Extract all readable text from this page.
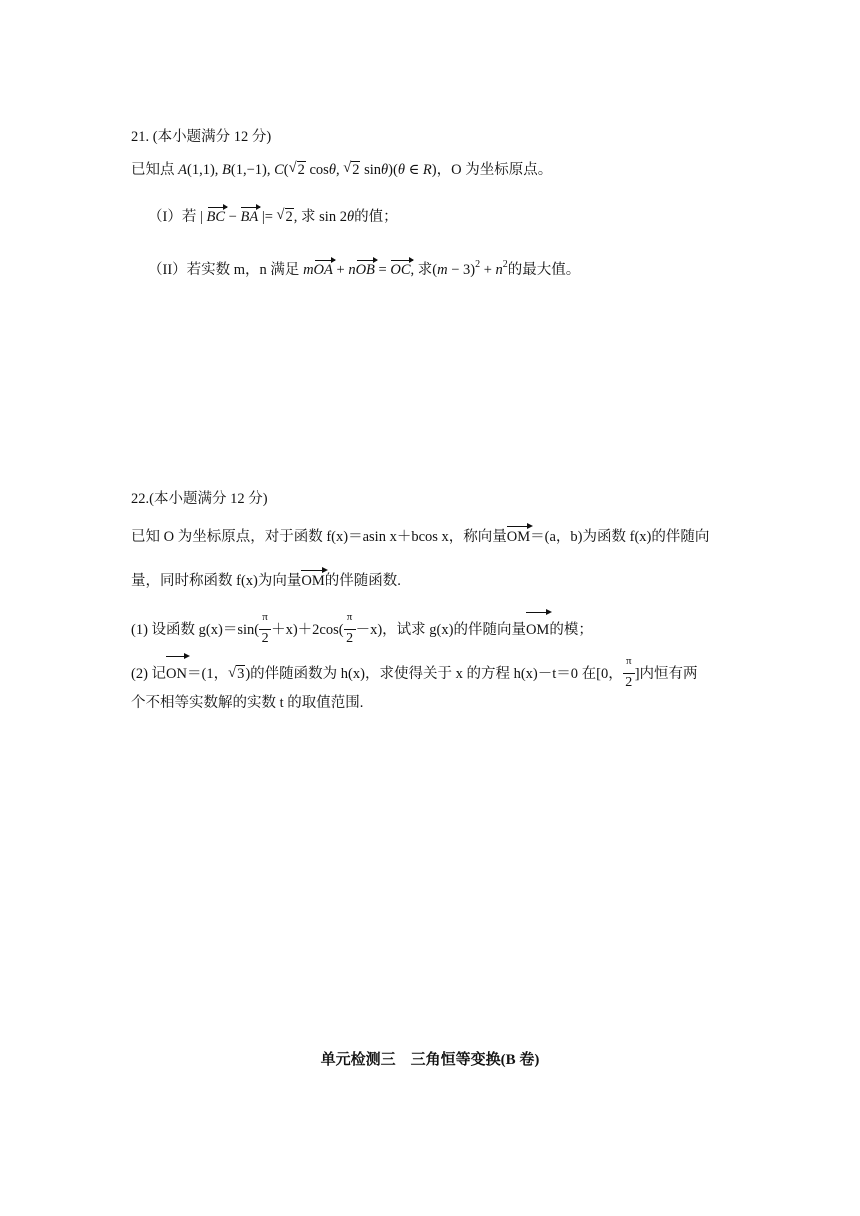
21. (本小题满分 12 分)
已知点 A(1,1), B(1,−1), C( √ 2 cosθ, √ 2 sinθ)(θ ∈ R)，O 为坐标原点。
（I）若 | BC − BA |= √ 2, 求 sin 2θ的值；
（II）若实数 m，n 满足 mOA + nOB = OC, 求$(m - 3)^2 + n^2$的最大值。
22.(本小题满分 12 分)
已知 O 为坐标原点，对于函数 f(x)＝asin x＋bcos x，称向量OM＝(a，b)为函数 f(x)的伴随向
量，同时称函数 f(x)为向量OM的伴随函数.
(1) 设函数 $g(x)=\sin( \frac{\pi}{2} +x)+2\cos( \frac{\pi}{2} -x)$，试求 g(x)的伴随向量OM的模；
(2) 记ON＝(1， √ 3)的伴随函数为 h(x)，求使得关于 x 的方程 h(x)－t＝0 在[0， $\frac{\pi}{2}$ ]内恒有两
个不相等实数解的实数 t 的取值范围.
单元检测三　三角恒等变换(B 卷)
